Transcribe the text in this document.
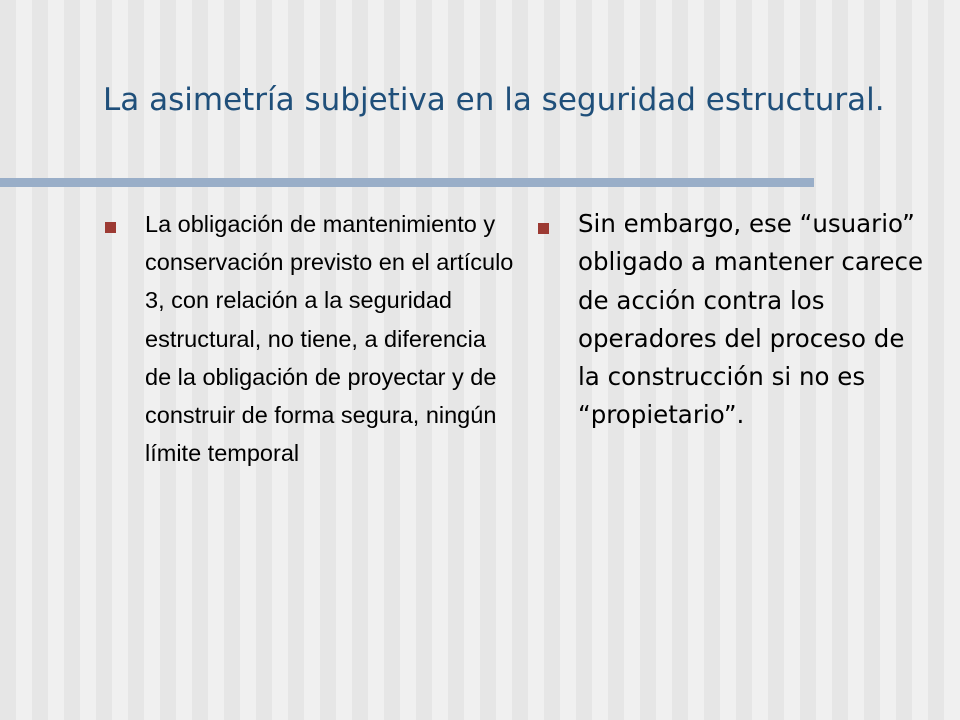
La asimetría subjetiva en la seguridad estructural.
La obligación de mantenimiento y conservación previsto en el artículo 3, con relación a la seguridad estructural, no tiene, a diferencia de la obligación de proyectar y de construir de forma segura, ningún límite temporal
Sin embargo, ese “usuario” obligado a mantener carece de acción contra los operadores del proceso de la construcción si no es “propietario”.
